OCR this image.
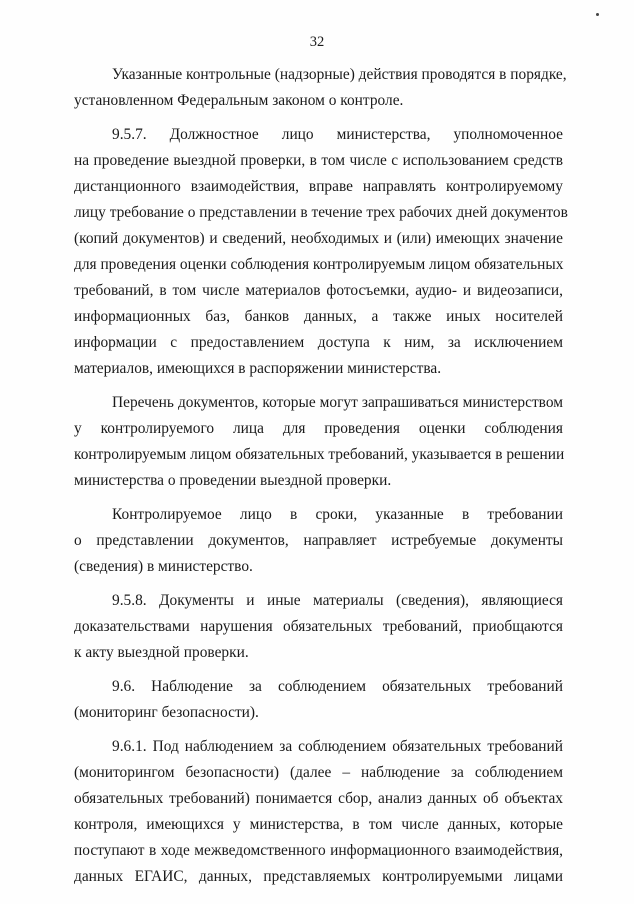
32
Указанные контрольные (надзорные) действия проводятся в порядке,
установленном Федеральным законом о контроле.
9.5.7. Должностное лицо министерства, уполномоченное
на проведение выездной проверки, в том числе с использованием средств
дистанционного взаимодействия, вправе направлять контролируемому
лицу требование о представлении в течение трех рабочих дней документов
(копий документов) и сведений, необходимых и (или) имеющих значение
для проведения оценки соблюдения контролируемым лицом обязательных
требований, в том числе материалов фотосъемки, аудио- и видеозаписи,
информационных баз, банков данных, а также иных носителей
информации с предоставлением доступа к ним, за исключением
материалов, имеющихся в распоряжении министерства.
Перечень документов, которые могут запрашиваться министерством
у контролируемого лица для проведения оценки соблюдения
контролируемым лицом обязательных требований, указывается в решении
министерства о проведении выездной проверки.
Контролируемое лицо в сроки, указанные в требовании
о представлении документов, направляет истребуемые документы
(сведения) в министерство.
9.5.8. Документы и иные материалы (сведения), являющиеся
доказательствами нарушения обязательных требований, приобщаются
к акту выездной проверки.
9.6. Наблюдение за соблюдением обязательных требований
(мониторинг безопасности).
9.6.1. Под наблюдением за соблюдением обязательных требований
(мониторингом безопасности) (далее – наблюдение за соблюдением
обязательных требований) понимается сбор, анализ данных об объектах
контроля, имеющихся у министерства, в том числе данных, которые
поступают в ходе межведомственного информационного взаимодействия,
данных ЕГАИС, данных, представляемых контролируемыми лицами
